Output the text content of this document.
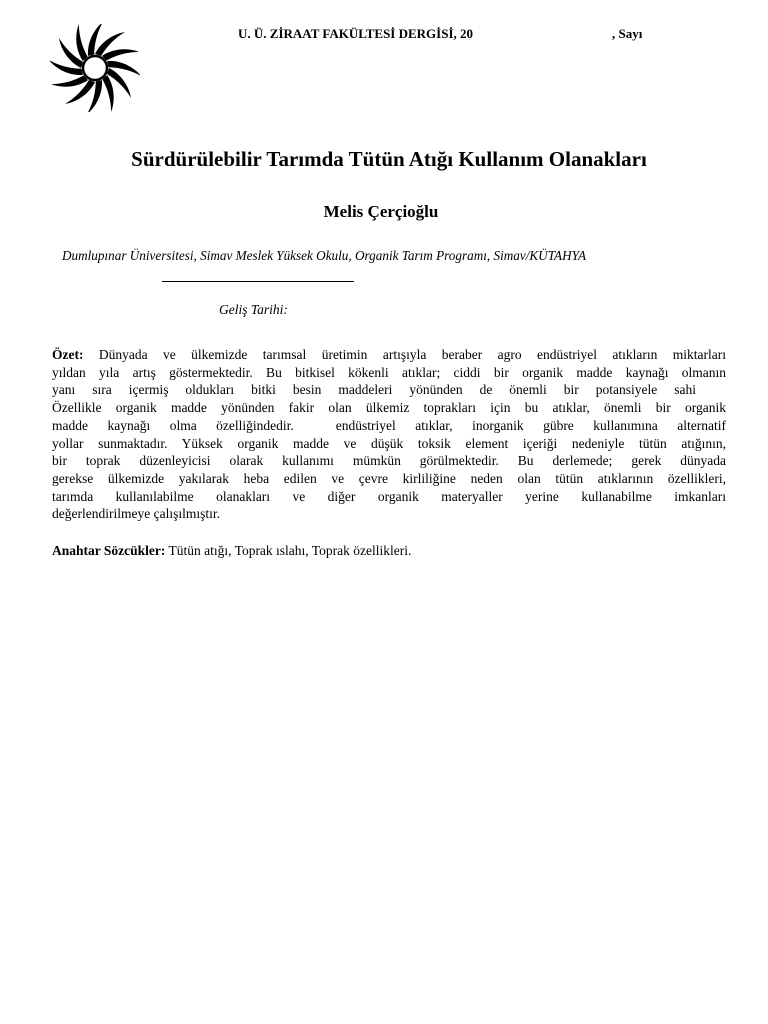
U. Ü. ZİRAAT FAKÜLTESİ DERGİSİ, 20	, Sayı
Sürdürülebilir Tarımda Tütün Atığı Kullanım Olanakları
Melis Çerçioğlu
Dumlupınar Üniversitesi, Simav Meslek Yüksek Okulu, Organik Tarım Programı, Simav/KÜTAHYA
Geliş Tarihi:
Özet: Dünyada ve ülkemizde tarımsal üretimin artışıyla beraber agro endüstriyel atıkların miktarları
yıldan yıla artış göstermektedir. Bu bitkisel kökenli atıklar; ciddi bir organik madde kaynağı olmanın
yanı sıra içermiş oldukları bitki besin maddeleri yönünden de önemli bir potansiyele sahi
Özellikle organik madde yönünden fakir olan ülkemiz toprakları için bu atıklar, önemli bir organik
madde kaynağı olma özelliğindedir.	endüstriyel atıklar, inorganik gübre kullanımına alternatif
yollar sunmaktadır. Yüksek organik madde ve düşük toksik element içeriği nedeniyle tütün atığının,
bir toprak düzenleyicisi olarak kullanımı mümkün görülmektedir. Bu derlemede; gerek dünyada
gerekse ülkemizde yakılarak heba edilen ve çevre kirliliğine neden olan tütün atıklarının özellikleri,
tarımda kullanılabilme olanakları ve diğer organik materyaller yerine kullanabilme imkanları
değerlendirilmeye çalışılmıştır.
Anahtar Sözcükler: Tütün atığı, Toprak ıslahı, Toprak özellikleri.
